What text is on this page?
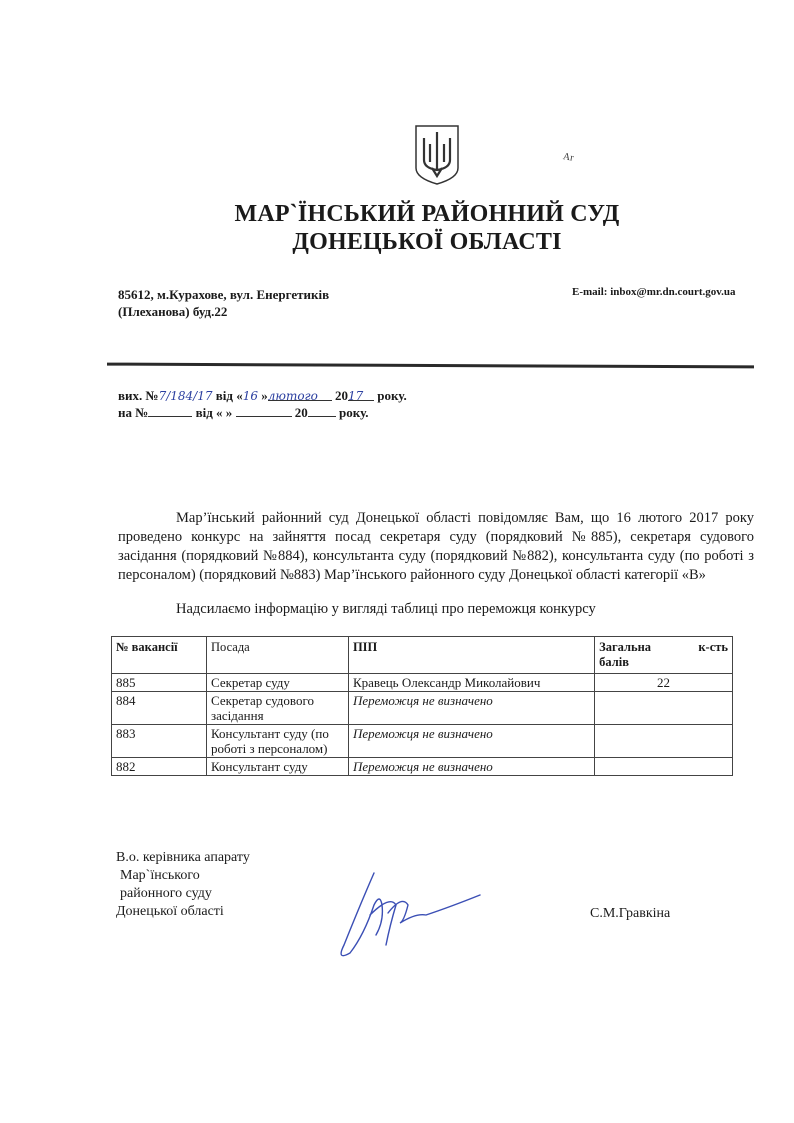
Ar
МАР`ЇНСЬКИЙ РАЙОННИЙ СУД
ДОНЕЦЬКОЇ ОБЛАСТІ
85612, м.Курахове, вул. Енергетиків
(Плеханова) буд.22
E-mail: inbox@mr.dn.court.gov.ua
вих. №7/184/17 від «16 »лютого 2017 року.
на №	від « »	20 року.
Мар’їнський районний суд Донецької області повідомляє Вам, що 16 лютого 2017 року проведено конкурс на зайняття посад секретаря суду (порядковий №885), секретаря судового засідання (порядковий №884), консультанта суду (порядковий №882), консультанта суду (по роботі з персоналом) (порядковий №883) Мар’їнського районного суду Донецької області категорії «В»
Надсилаємо інформацію у вигляді таблиці про переможця конкурсу
№ вакансії	Посада	ПІП	Загальна к-сть
балів

885	Секретар суду	Кравець Олександр Миколайович	22
884	Секретар судового засідання	Переможця не визначено	
883	Консультант суду (по роботі з персоналом)	Переможця не визначено	
882	Консультант суду	Переможця не визначено	
В.о. керівника апарату
Мар`їнського
районного суду
Донецької області	С.М.Гравкіна
